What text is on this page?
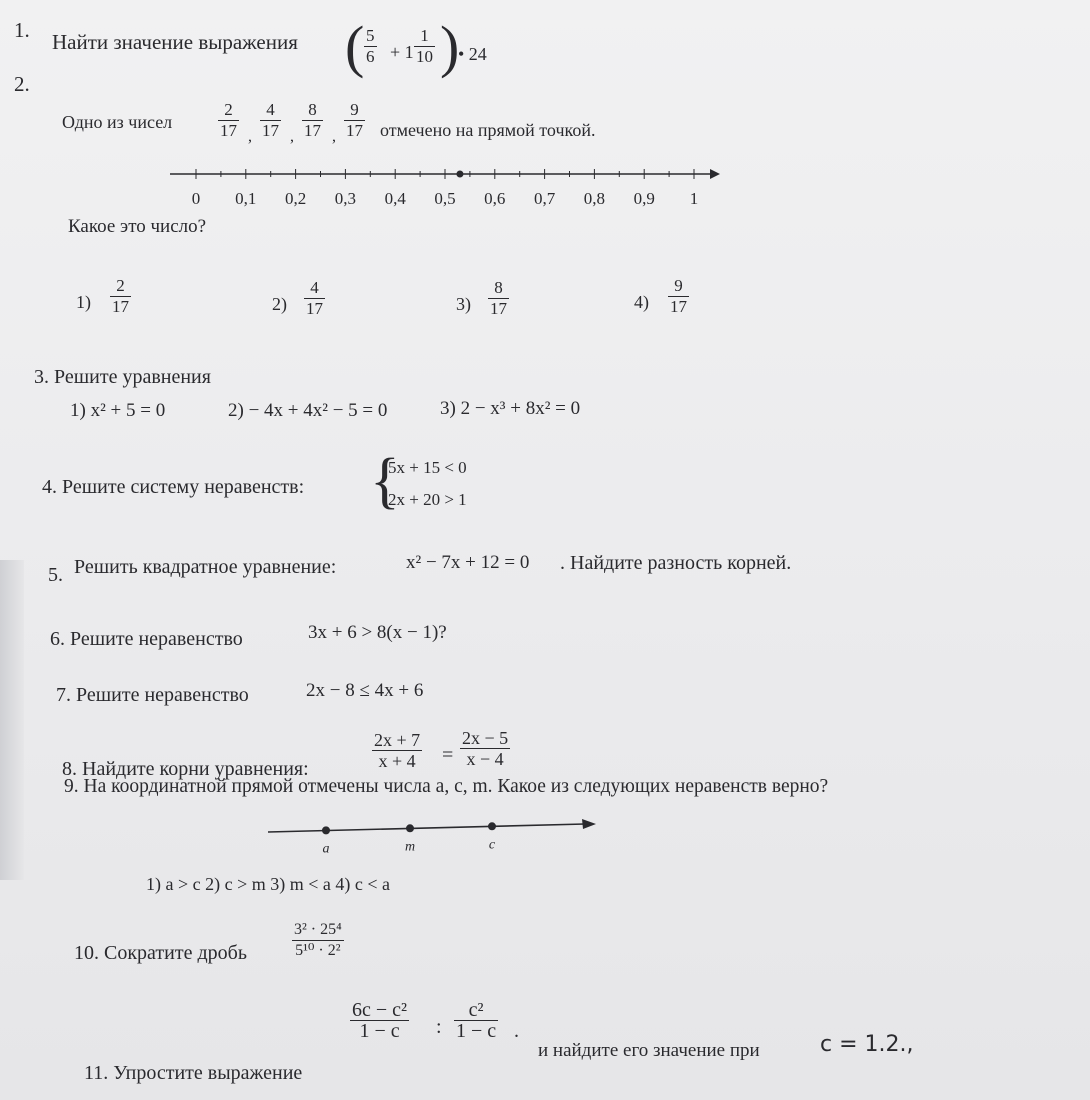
1. Найти значение выражения ( 5
6 + 1
1
10 )
• 24
2.
Одно из чисел
2
17 ,
4
17 ,
8
17 ,
9
17 отмечено на прямой точкой.
0 0,1 0,2 0,3 0,4 0,5 0,6 0,7 0,8 0,9 1
Какое это число?
1)
2
17	2)
4
17	3)
8
17	4)
9
17
3. Решите уравнения
1) x² + 5 = 0	2) − 4x + 4x² − 5 = 0	3) 2 − x³ + 8x² = 0
4. Решите систему неравенств: {
5x + 15 < 0
2x + 20 > 1
5. Решить квадратное уравнение:	x² − 7x + 12 = 0 . Найдите разность корней.
6. Решите неравенство	3x + 6 > 8(x − 1)?
7. Решите неравенство	2x − 8 ≤ 4x + 6
8. Найдите корни уравнения:
2x + 7
x + 4	=
2x − 5
x − 4
9. На координатной прямой отмечены числа a, c, m. Какое из следующих неравенств верно?
a	m	c
1) a > c 2) c > m 3) m < a 4) c < a
10. Сократите дробь
3² · 25⁴
5¹⁰ · 2²
6c − c²
1 − c	:
c²
1 − c .
и найдите его значение при	c = 1.2.,
11. Упростите выражение
